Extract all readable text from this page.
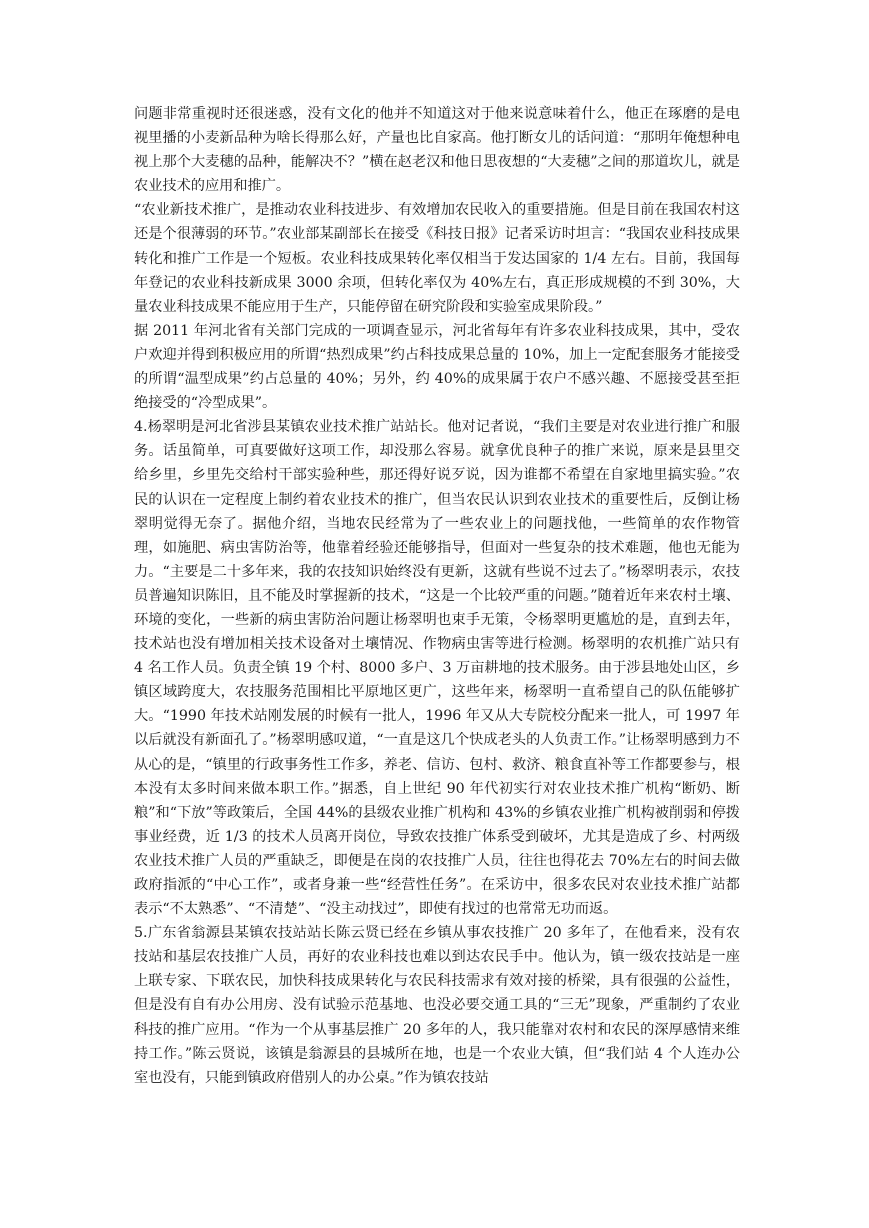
问题非常重视时还很迷惑，没有文化的他并不知道这对于他来说意味着什么，他正在琢磨的是电视里播的小麦新品种为啥长得那么好，产量也比自家高。他打断女儿的话问道：“那明年俺想种电视上那个大麦穗的品种，能解决不？”横在赵老汉和他日思夜想的“大麦穗”之间的那道坎儿，就是农业技术的应用和推广。

“农业新技术推广，是推动农业科技进步、有效增加农民收入的重要措施。但是目前在我国农村这还是个很薄弱的环节。”农业部某副部长在接受《科技日报》记者采访时坦言：“我国农业科技成果转化和推广工作是一个短板。农业科技成果转化率仅相当于发达国家的 1/4 左右。目前，我国每年登记的农业科技新成果 3000 余项，但转化率仅为 40%左右，真正形成规模的不到 30%，大量农业科技成果不能应用于生产，只能停留在研究阶段和实验室成果阶段。”

据 2011 年河北省有关部门完成的一项调查显示，河北省每年有许多农业科技成果，其中，受农户欢迎并得到积极应用的所谓“热烈成果”约占科技成果总量的 10%，加上一定配套服务才能接受的所谓“温型成果”约占总量的 40%；另外，约 40%的成果属于农户不感兴趣、不愿接受甚至拒绝接受的“冷型成果”。

4.杨翠明是河北省涉县某镇农业技术推广站站长。他对记者说，“我们主要是对农业进行推广和服务。话虽简单，可真要做好这项工作，却没那么容易。就拿优良种子的推广来说，原来是县里交给乡里，乡里先交给村干部实验种些，那还得好说歹说，因为谁都不希望在自家地里搞实验。”农民的认识在一定程度上制约着农业技术的推广，但当农民认识到农业技术的重要性后，反倒让杨翠明觉得无奈了。据他介绍，当地农民经常为了一些农业上的问题找他，一些简单的农作物管理，如施肥、病虫害防治等，他靠着经验还能够指导，但面对一些复杂的技术难题，他也无能为力。“主要是二十多年来，我的农技知识始终没有更新，这就有些说不过去了。”杨翠明表示，农技员普遍知识陈旧，且不能及时掌握新的技术，“这是一个比较严重的问题。”随着近年来农村土壤、环境的变化，一些新的病虫害防治问题让杨翠明也束手无策，令杨翠明更尴尬的是，直到去年，技术站也没有增加相关技术设备对土壤情况、作物病虫害等进行检测。杨翠明的农机推广站只有 4 名工作人员。负责全镇 19 个村、8000 多户、3 万亩耕地的技术服务。由于涉县地处山区，乡镇区域跨度大，农技服务范围相比平原地区更广，这些年来，杨翠明一直希望自己的队伍能够扩大。“1990 年技术站刚发展的时候有一批人，1996 年又从大专院校分配来一批人，可 1997 年以后就没有新面孔了。”杨翠明感叹道，“一直是这几个快成老头的人负责工作。”让杨翠明感到力不从心的是，“镇里的行政事务性工作多，养老、信访、包村、救济、粮食直补等工作都要参与，根本没有太多时间来做本职工作。”据悉，自上世纪 90 年代初实行对农业技术推广机构“断奶、断粮”和“下放”等政策后，全国 44%的县级农业推广机构和 43%的乡镇农业推广机构被削弱和停拨事业经费，近 1/3 的技术人员离开岗位，导致农技推广体系受到破坏，尤其是造成了乡、村两级农业技术推广人员的严重缺乏，即便是在岗的农技推广人员，往往也得花去 70%左右的时间去做政府指派的“中心工作”，或者身兼一些“经营性任务”。在采访中，很多农民对农业技术推广站都表示“不太熟悉”、“不清楚”、“没主动找过”，即使有找过的也常常无功而返。

5.广东省翁源县某镇农技站站长陈云贤已经在乡镇从事农技推广 20 多年了，在他看来，没有农技站和基层农技推广人员，再好的农业科技也难以到达农民手中。他认为，镇一级农技站是一座上联专家、下联农民，加快科技成果转化与农民科技需求有效对接的桥梁，具有很强的公益性，但是没有自有办公用房、没有试验示范基地、也没必要交通工具的“三无”现象，严重制约了农业科技的推广应用。“作为一个从事基层推广 20 多年的人，我只能靠对农村和农民的深厚感情来维持工作。”陈云贤说，该镇是翁源县的县城所在地，也是一个农业大镇，但“我们站 4 个人连办公室也没有，只能到镇政府借别人的办公桌。”作为镇农技站
